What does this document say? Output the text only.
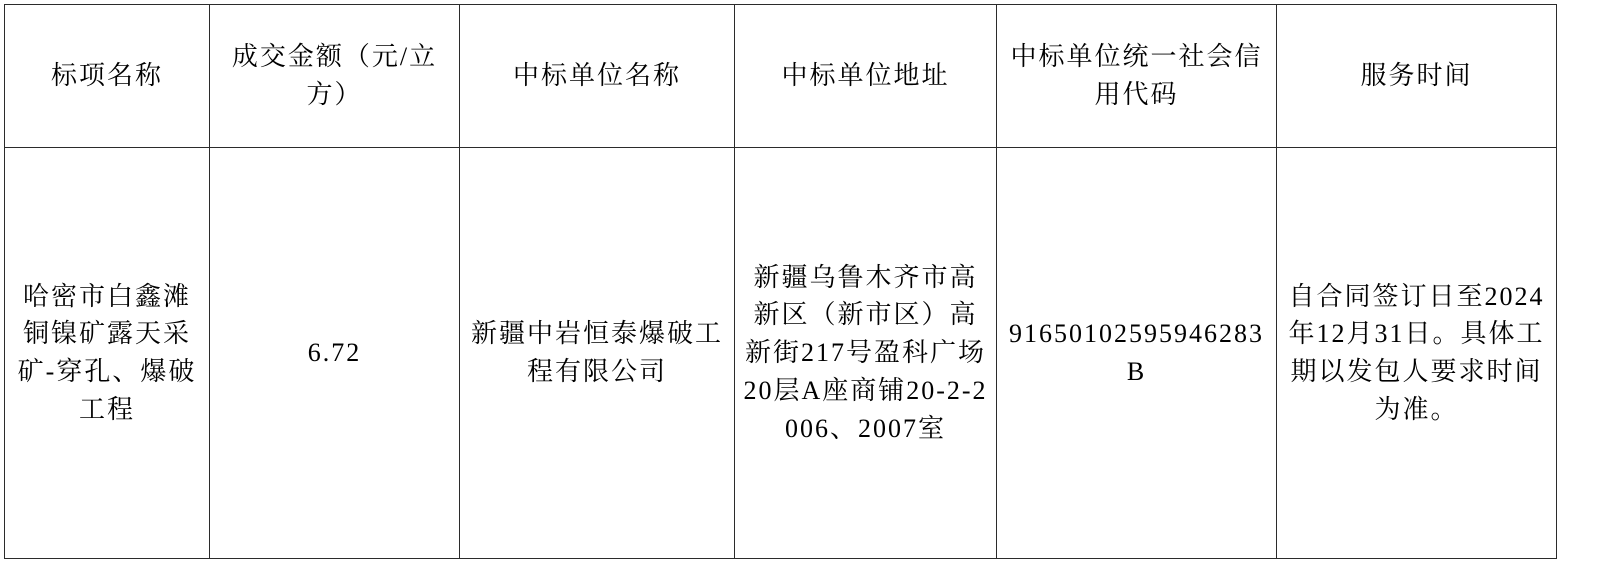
标项名称	成交金额（元/立方）	中标单位名称	中标单位地址	中标单位统一社会信用代码	服务时间
哈密市白鑫滩铜镍矿露天采矿-穿孔、爆破工程	6.72	新疆中岩恒泰爆破工程有限公司	新疆乌鲁木齐市高新区（新市区）高新街217号盈科广场20层A座商铺20-2-2006、2007室	91650102595946283B	自合同签订日至2024年12月31日。具体工期以发包人要求时间为准。
